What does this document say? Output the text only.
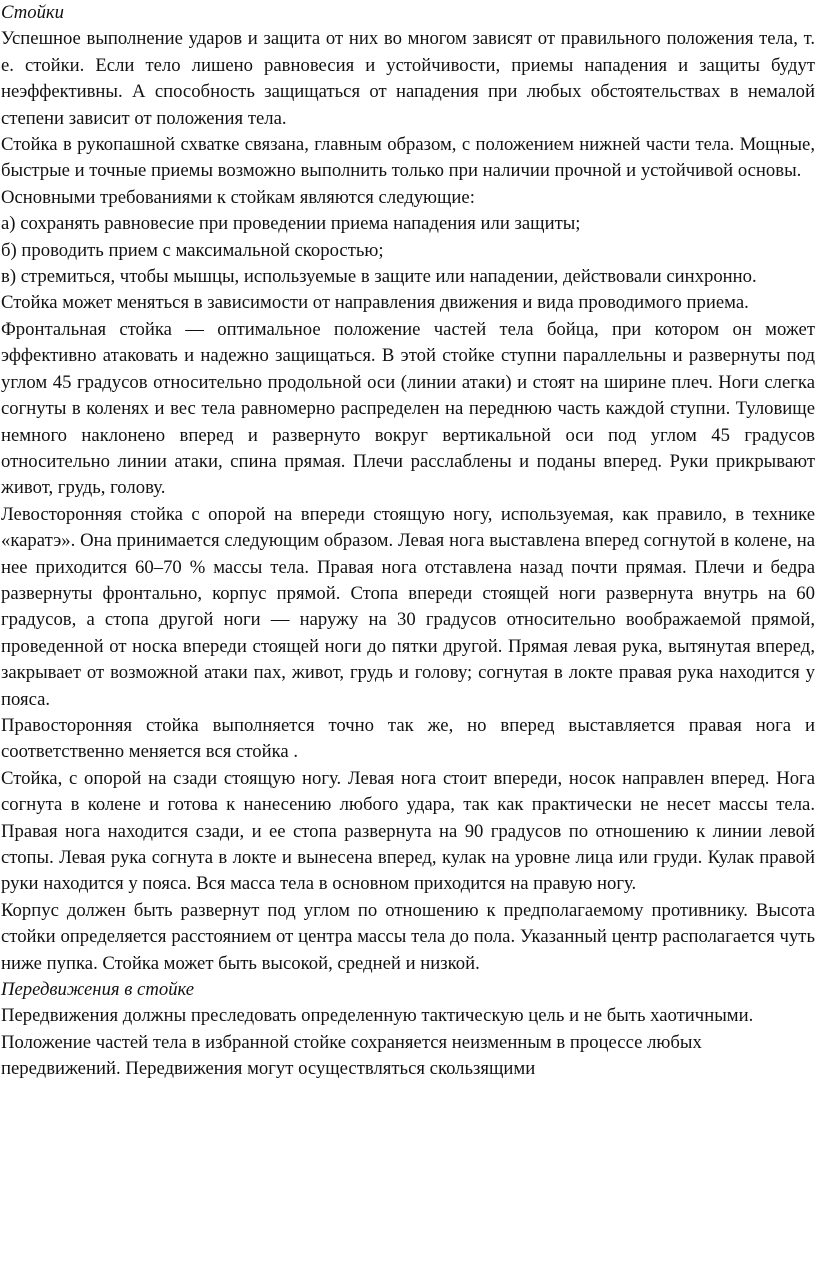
Стойки

Успешное выполнение ударов и защита от них во многом зависят от правильного положения тела, т. е. стойки. Если тело лишено равновесия и устойчивости, приемы нападения и защиты будут неэффективны. А способность защищаться от нападения при любых обстоятельствах в немалой степени зависит от положения тела.

Стойка в рукопашной схватке связана, главным образом, с положением нижней части тела. Мощные, быстрые и точные приемы возможно выполнить только при наличии прочной и устойчивой основы.

Основными требованиями к стойкам являются следующие:

а) сохранять равновесие при проведении приема нападения или защиты;

б) проводить прием с максимальной скоростью;

в) стремиться, чтобы мышцы, используемые в защите или нападении, действовали синхронно.

Стойка может меняться в зависимости от направления движения и вида проводимого приема.

Фронтальная стойка — оптимальное положение частей тела бойца, при котором он может эффективно атаковать и надежно защищаться. В этой стойке ступни параллельны и развернуты под углом 45 градусов относительно продольной оси (линии атаки) и стоят на ширине плеч. Ноги слегка согнуты в коленях и вес тела равномерно распределен на переднюю часть каждой ступни. Туловище немного наклонено вперед и развернуто вокруг вертикальной оси под углом 45 градусов относительно линии атаки, спина прямая. Плечи расслаблены и поданы вперед. Руки прикрывают живот, грудь, голову.

Левосторонняя стойка с опорой на впереди стоящую ногу, используемая, как правило, в технике «каратэ». Она принимается следующим образом. Левая нога выставлена вперед согнутой в колене, на нее приходится 60–70 % массы тела. Правая нога отставлена назад почти прямая. Плечи и бедра развернуты фронтально, корпус прямой. Стопа впереди стоящей ноги развернута внутрь на 60 градусов, а стопа другой ноги — наружу на 30 градусов относительно воображаемой прямой, проведенной от носка впереди стоящей ноги до пятки другой. Прямая левая рука, вытянутая вперед, закрывает от возможной атаки пах, живот, грудь и голову; согнутая в локте правая рука находится у пояса.

Правосторонняя стойка выполняется точно так же, но вперед выставляется правая нога и соответственно меняется вся стойка .

Стойка, с опорой на сзади стоящую ногу. Левая нога стоит впереди, носок направлен вперед. Нога согнута в колене и готова к нанесению любого удара, так как практически не несет массы тела. Правая нога находится сзади, и ее стопа развернута на 90 градусов по отношению к линии левой стопы. Левая рука согнута в локте и вынесена вперед, кулак на уровне лица или груди. Кулак правой руки находится у пояса. Вся масса тела в основном приходится на правую ногу.

Корпус должен быть развернут под углом по отношению к предполагаемому противнику. Высота стойки определяется расстоянием от центра массы тела до пола. Указанный центр располагается чуть ниже пупка. Стойка может быть высокой, средней и низкой.

Передвижения в стойке

Передвижения должны преследовать определенную тактическую цель и не быть хаотичными. Положение частей тела в избранной стойке сохраняется неизменным в процессе любых передвижений. Передвижения могут осуществляться скользящими
